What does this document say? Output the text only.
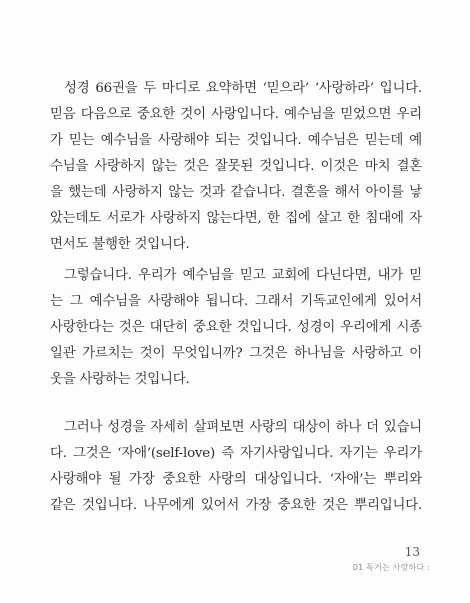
성경 66권을 두 마디로 요약하면 ‘믿으라’ ‘사랑하라’ 입니다.
믿음 다음으로 중요한 것이 사랑입니다. 예수님을 믿었으면 우리
가 믿는 예수님을 사랑해야 되는 것입니다. 예수님은 믿는데 예
수님을 사랑하지 않는 것은 잘못된 것입니다. 이것은 마치 결혼
을 했는데 사랑하지 않는 것과 같습니다. 결혼을 해서 아이를 낳
았는데도 서로가 사랑하지 않는다면, 한 집에 살고 한 침대에 자
면서도 불행한 것입니다.
그렇습니다. 우리가 예수님을 믿고 교회에 다닌다면, 내가 믿
는 그 예수님을 사랑해야 됩니다. 그래서 기독교인에게 있어서
사랑한다는 것은 대단히 중요한 것입니다. 성경이 우리에게 시종
일관 가르치는 것이 무엇입니까? 그것은 하나님을 사랑하고 이
웃을 사랑하는 것입니다.
그러나 성경을 자세히 살펴보면 사랑의 대상이 하나 더 있습니
다. 그것은 ‘자애’(self-love) 즉 자기사랑입니다. 자기는 우리가
사랑해야 될 가장 중요한 사랑의 대상입니다. ‘자애’는 뿌리와
같은 것입니다. 나무에게 있어서 가장 중요한 것은 뿌리입니다.
13
01 독거는 사랑하다 :
